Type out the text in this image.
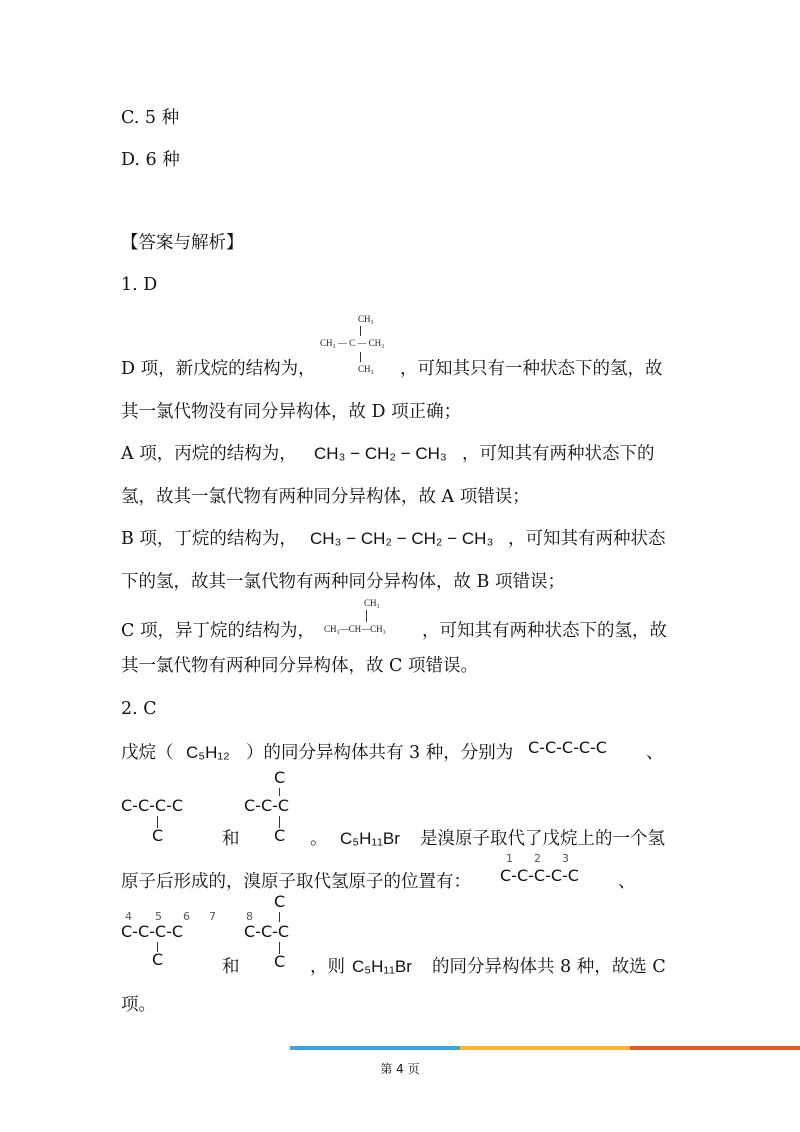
C. 5 种
D. 6 种
【答案与解析】
1. D
CH₃
CH₃ — C — CH₃
CH₃
D 项，新戊烷的结构为，	，可知其只有一种状态下的氢，故
其一氯代物没有同分异构体，故 D 项正确；
A 项，丙烷的结构为， CH₃ − CH₂ − CH₃ ，可知其有两种状态下的
氢，故其一氯代物有两种同分异构体，故 A 项错误；
B 项，丁烷的结构为， CH₃ − CH₂ − CH₂ − CH₃ ，可知其有两种状态
下的氢，故其一氯代物有两种同分异构体，故 B 项错误；
CH₃
CH₃—CH—CH₃
C 项，异丁烷的结构为，	，可知其有两种状态下的氢，故
其一氯代物有两种同分异构体，故 C 项错误。
2. C
戊烷（ C₅H₁₂ ）的同分异构体共有 3 种，分别为 C-C-C-C-C 、
C-C-C-C
C
C
C-C-C
C
和	。 C₅H₁₁Br 是溴原子取代了戊烷上的一个氢
原子后形成的，溴原子取代氢原子的位置有：
1 2 3
C-C-C-C-C 、
4 5 6 7
C-C-C-C
C
C
8
C-C-C
C
和	，则 C₅H₁₁Br 的同分异构体共 8 种，故选 C
项。
第 4 页
